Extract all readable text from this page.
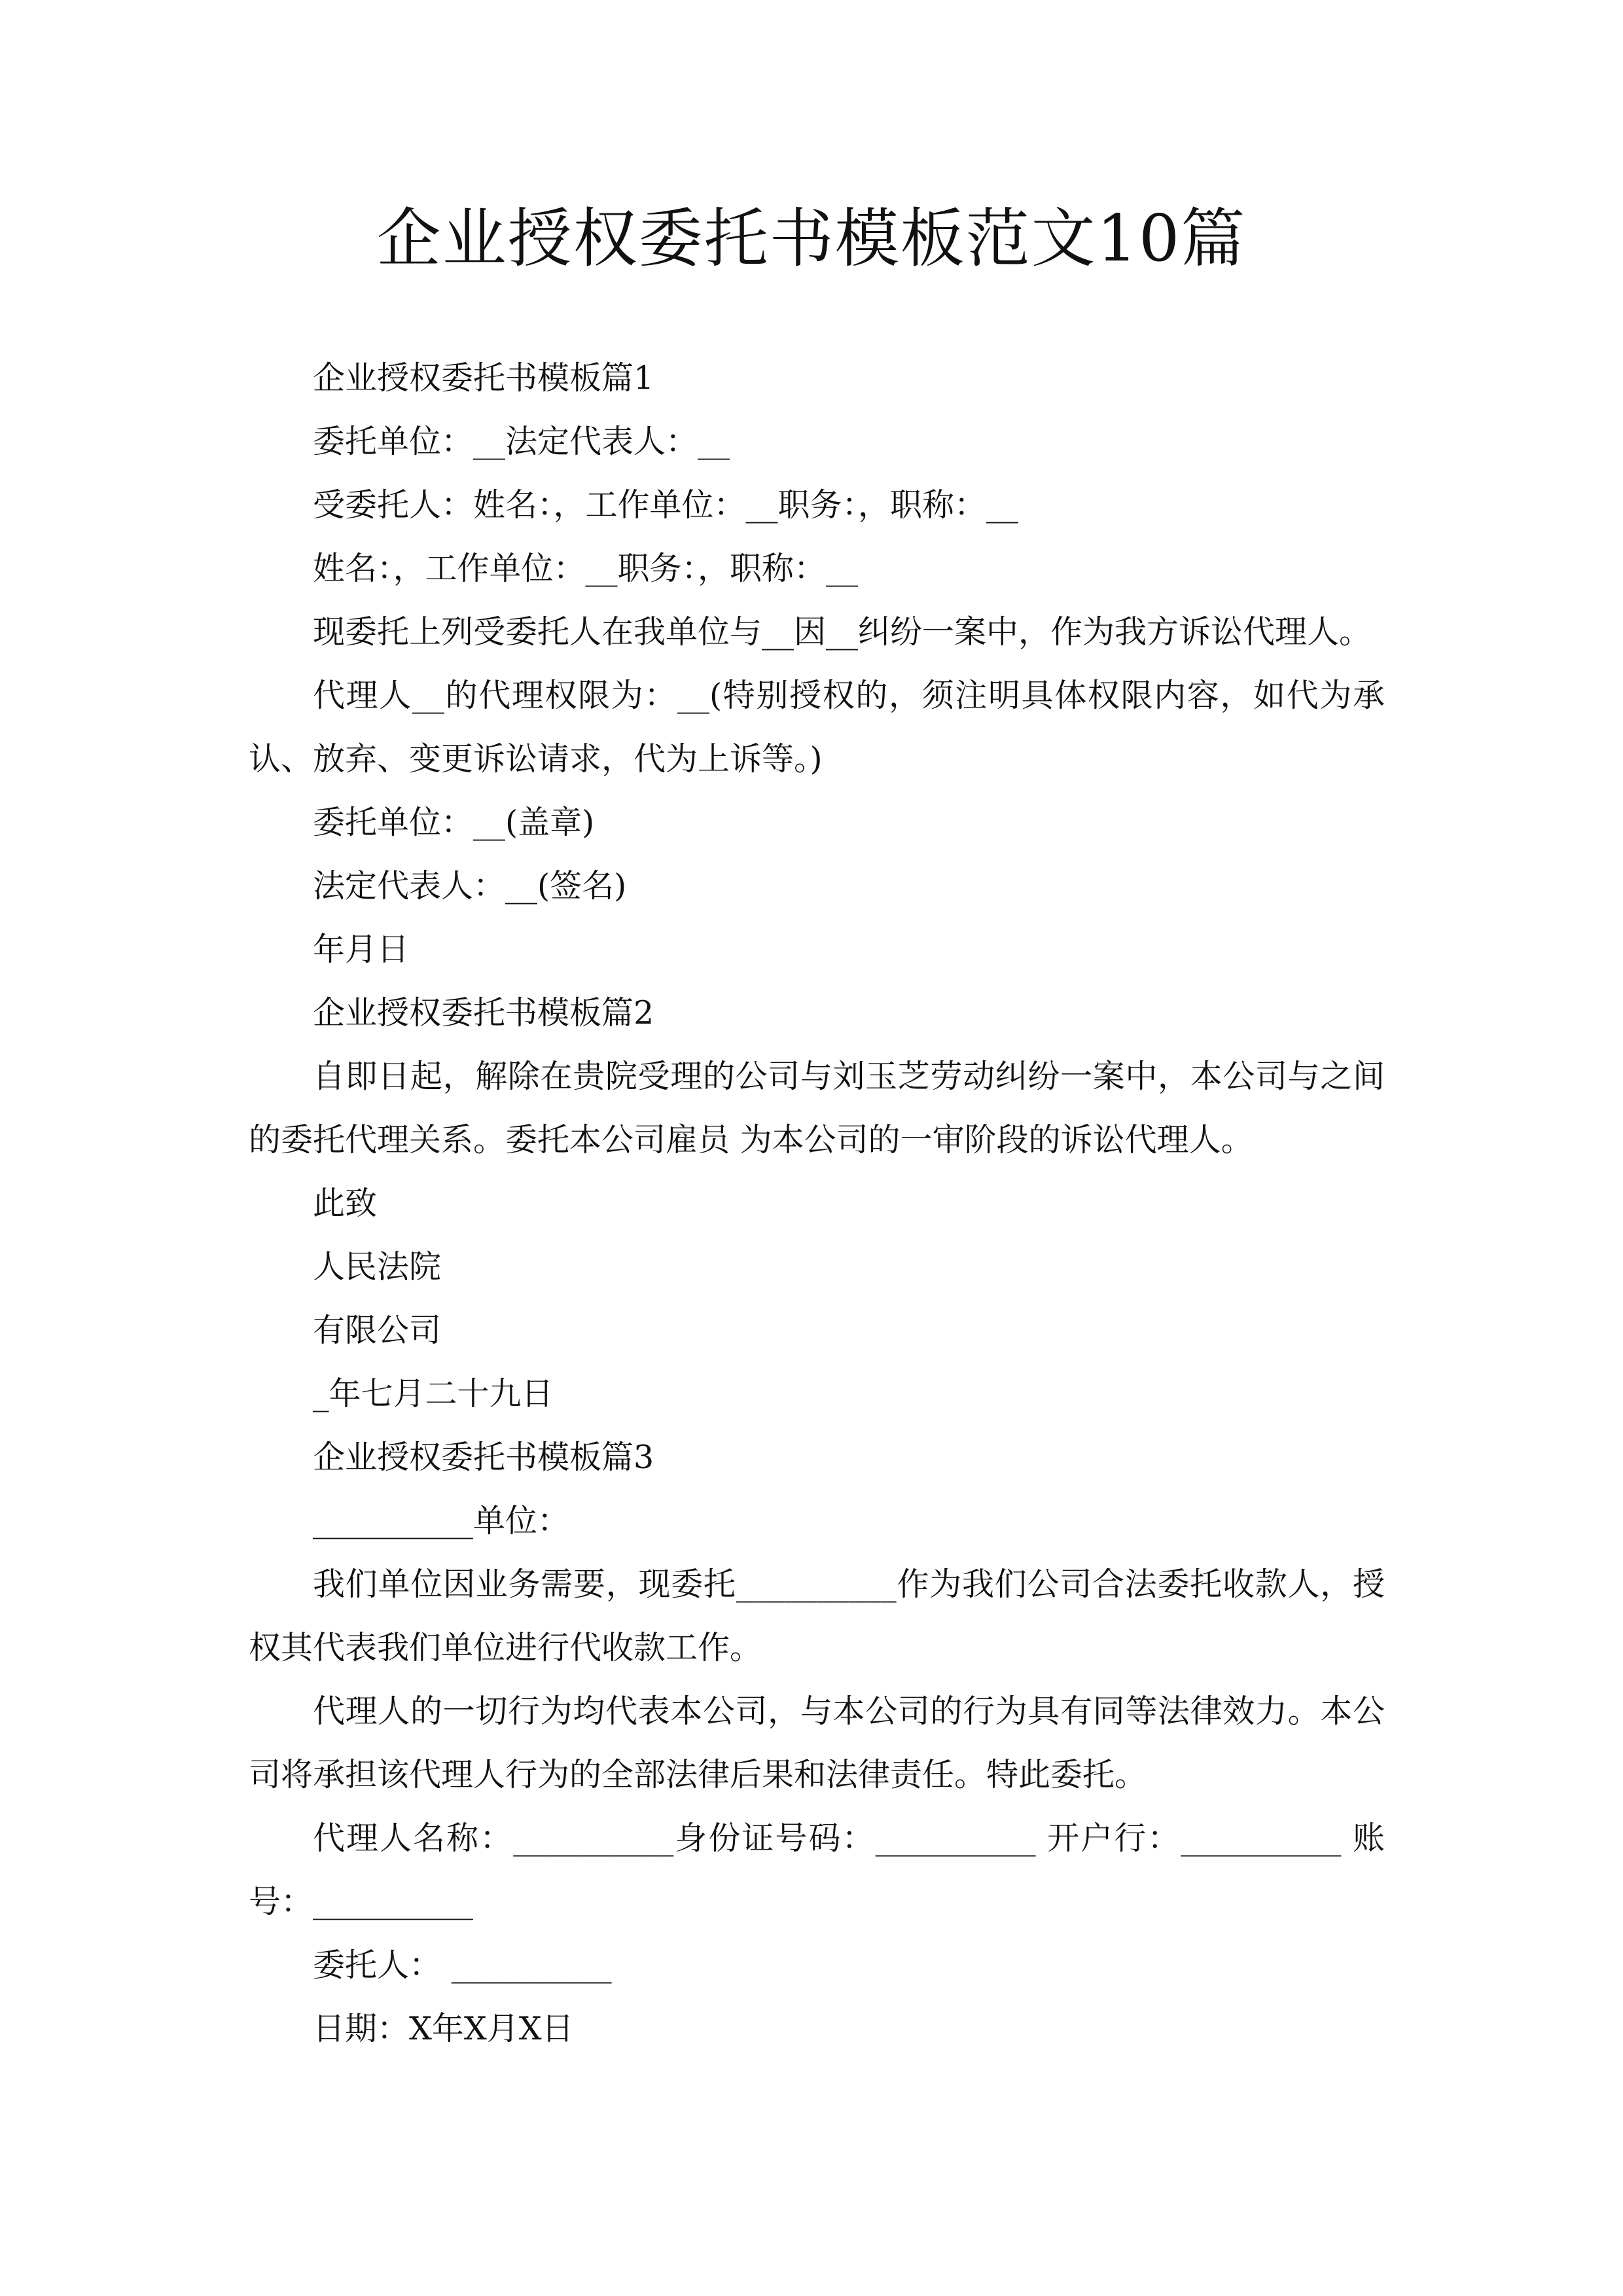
企业授权委托书模板范文10篇

企业授权委托书模板篇1

委托单位：__法定代表人：__

受委托人：姓名：，工作单位：__职务：，职称：__

姓名：，工作单位：__职务：，职称：__

现委托上列受委托人在我单位与__因__纠纷一案中，作为我方诉讼代理人。

代理人__的代理权限为：__(特别授权的，须注明具体权限内容，如代为承认、放弃、变更诉讼请求，代为上诉等。)

委托单位：__(盖章)

法定代表人：__(签名)

年月日

企业授权委托书模板篇2

自即日起，解除在贵院受理的公司与刘玉芝劳动纠纷一案中，本公司与之间的委托代理关系。委托本公司雇员 为本公司的一审阶段的诉讼代理人。

此致

人民法院

有限公司

_年七月二十九日

企业授权委托书模板篇3

__________单位：

我们单位因业务需要，现委托__________作为我们公司合法委托收款人，授权其代表我们单位进行代收款工作。

代理人的一切行为均代表本公司，与本公司的行为具有同等法律效力。本公司将承担该代理人行为的全部法律后果和法律责任。特此委托。

代理人名称：__________身份证号码：__________ 开户行：__________ 账号：__________

委托人： __________

日期：X年X月X日
